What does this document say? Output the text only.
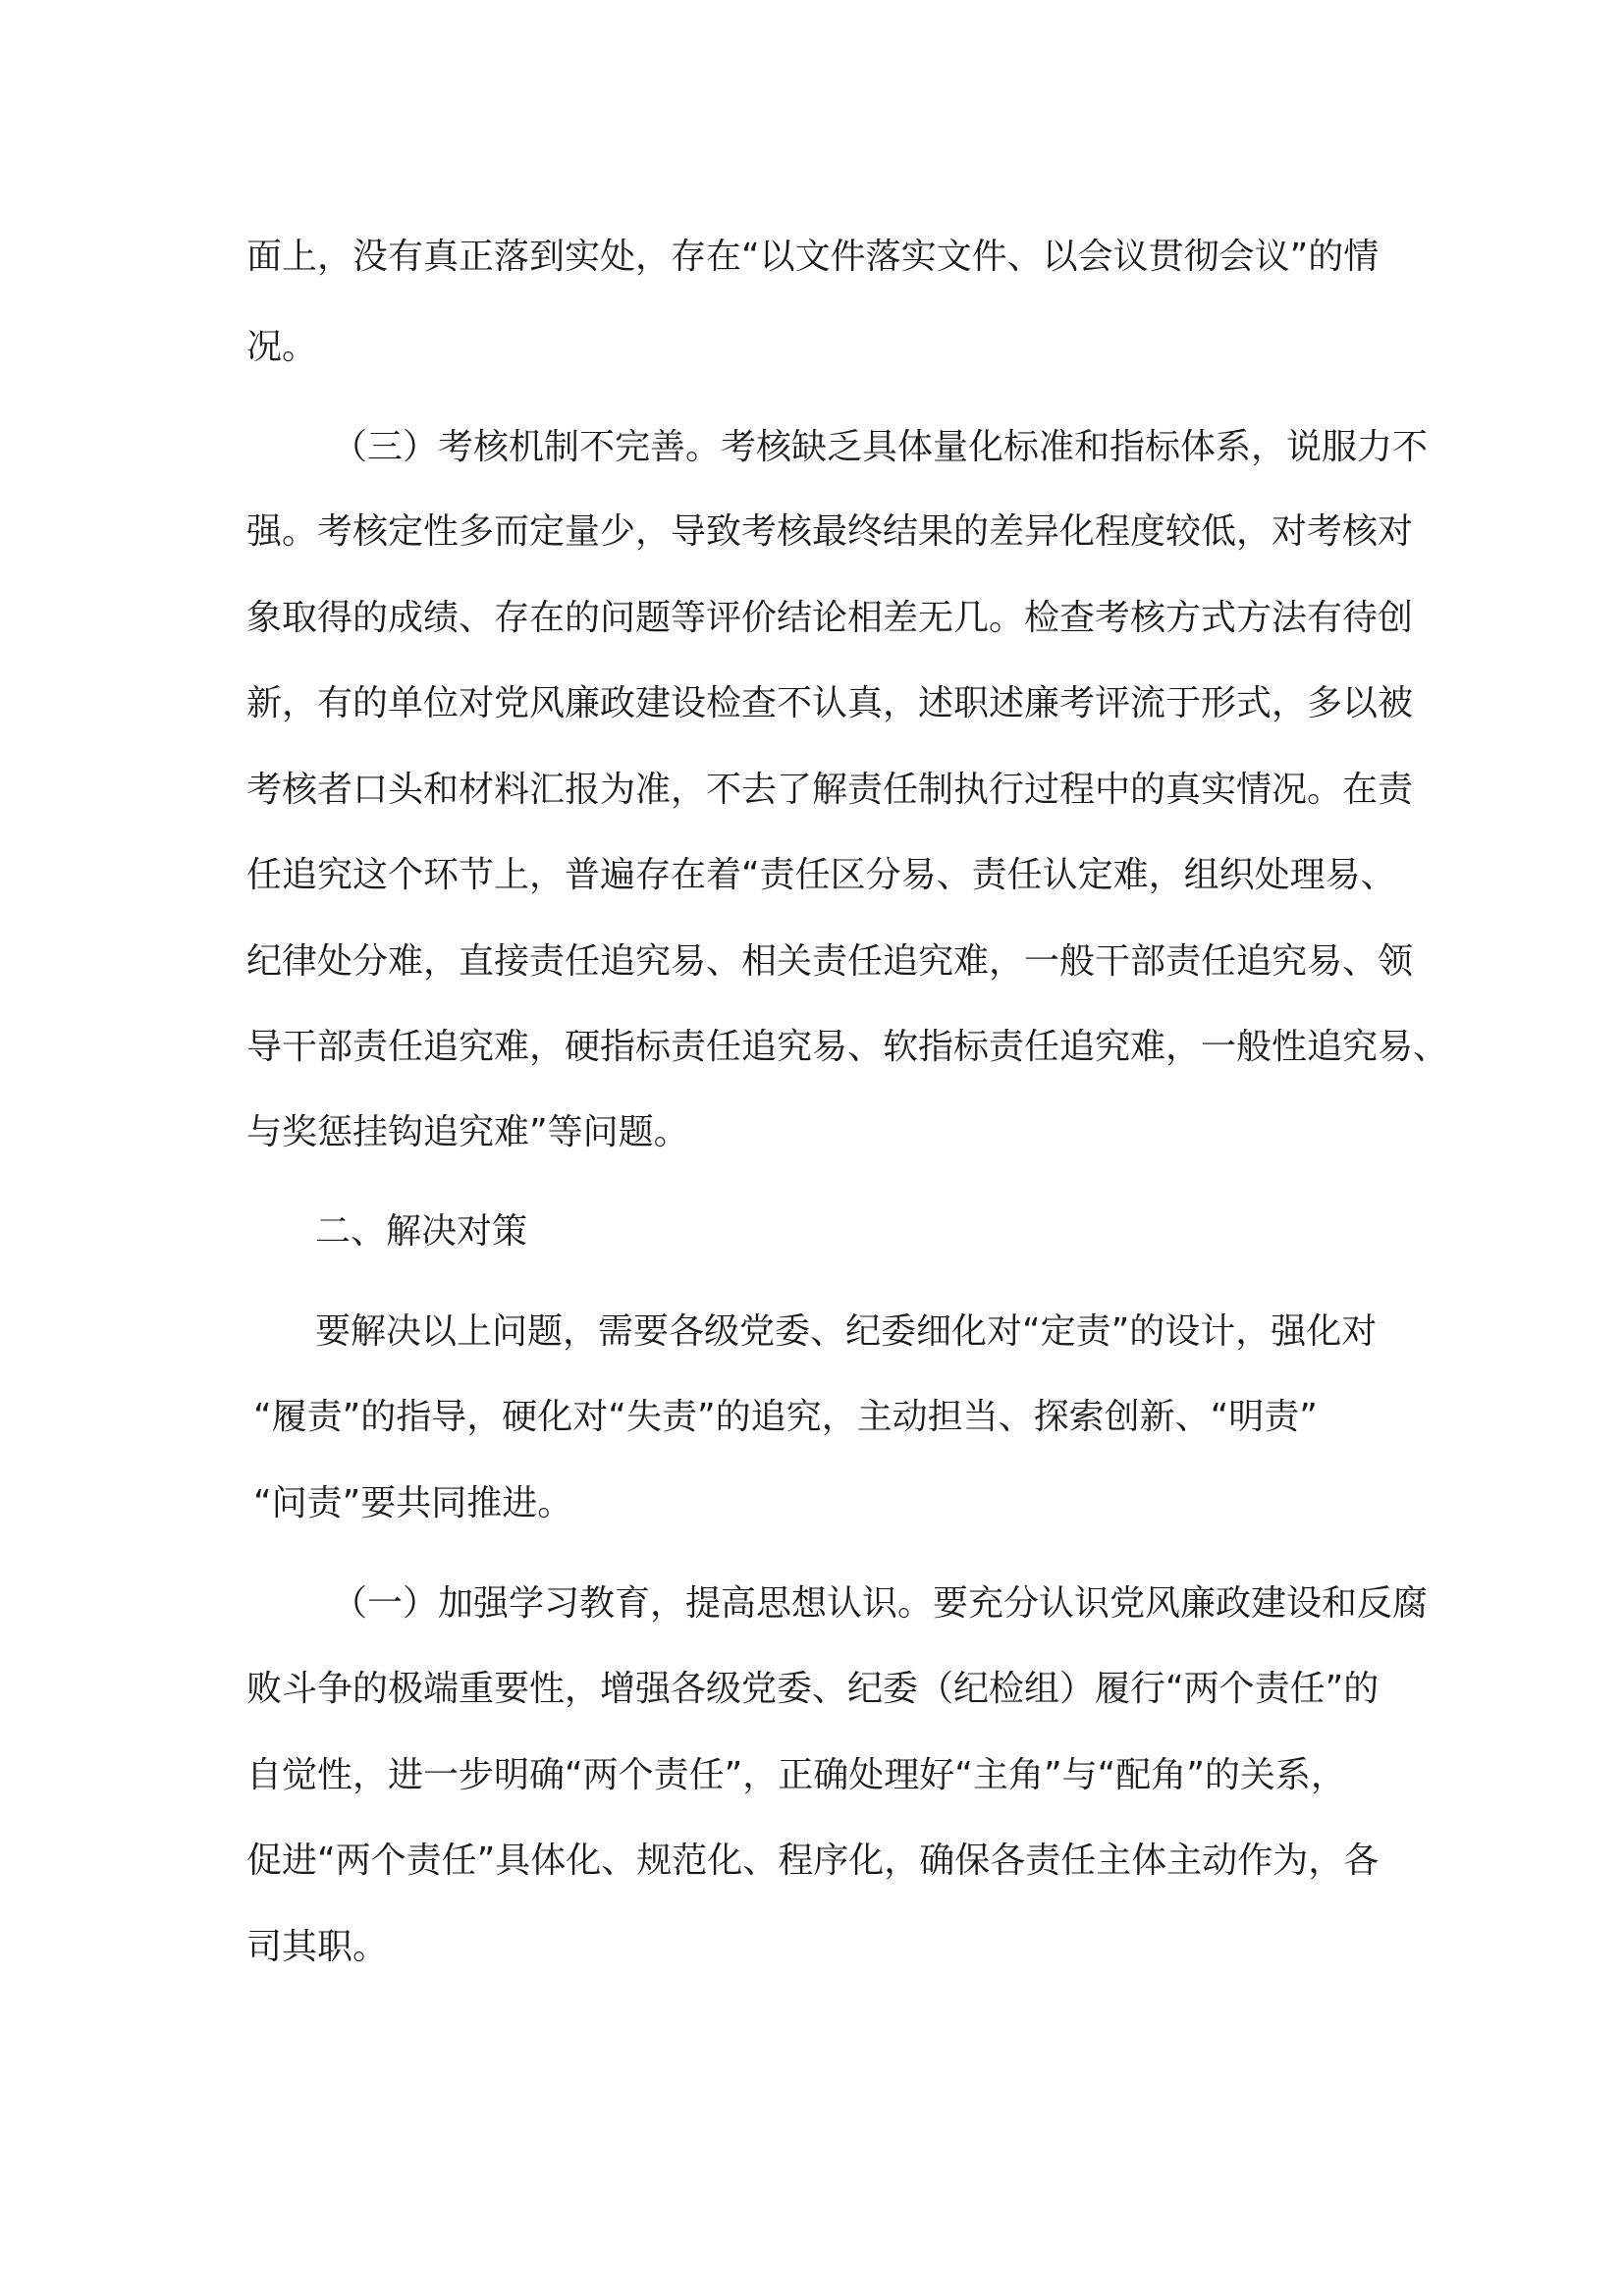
面上，没有真正落到实处，存在“以文件落实文件、以会议贯彻会议”的情
况。
（三）考核机制不完善。考核缺乏具体量化标准和指标体系，说服力不
强。考核定性多而定量少，导致考核最终结果的差异化程度较低，对考核对
象取得的成绩、存在的问题等评价结论相差无几。检查考核方式方法有待创
新，有的单位对党风廉政建设检查不认真，述职述廉考评流于形式，多以被
考核者口头和材料汇报为准，不去了解责任制执行过程中的真实情况。在责
任追究这个环节上，普遍存在着“责任区分易、责任认定难，组织处理易、
纪律处分难，直接责任追究易、相关责任追究难，一般干部责任追究易、领
导干部责任追究难，硬指标责任追究易、软指标责任追究难，一般性追究易、
与奖惩挂钩追究难”等问题。
二、解决对策
要解决以上问题，需要各级党委、纪委细化对“定责”的设计，强化对
“履责”的指导，硬化对“失责”的追究，主动担当、探索创新、“明责”
“问责”要共同推进。
（一）加强学习教育，提高思想认识。要充分认识党风廉政建设和反腐
败斗争的极端重要性，增强各级党委、纪委（纪检组）履行“两个责任”的
自觉性，进一步明确“两个责任”，正确处理好“主角”与“配角”的关系，
促进“两个责任”具体化、规范化、程序化，确保各责任主体主动作为，各
司其职。
